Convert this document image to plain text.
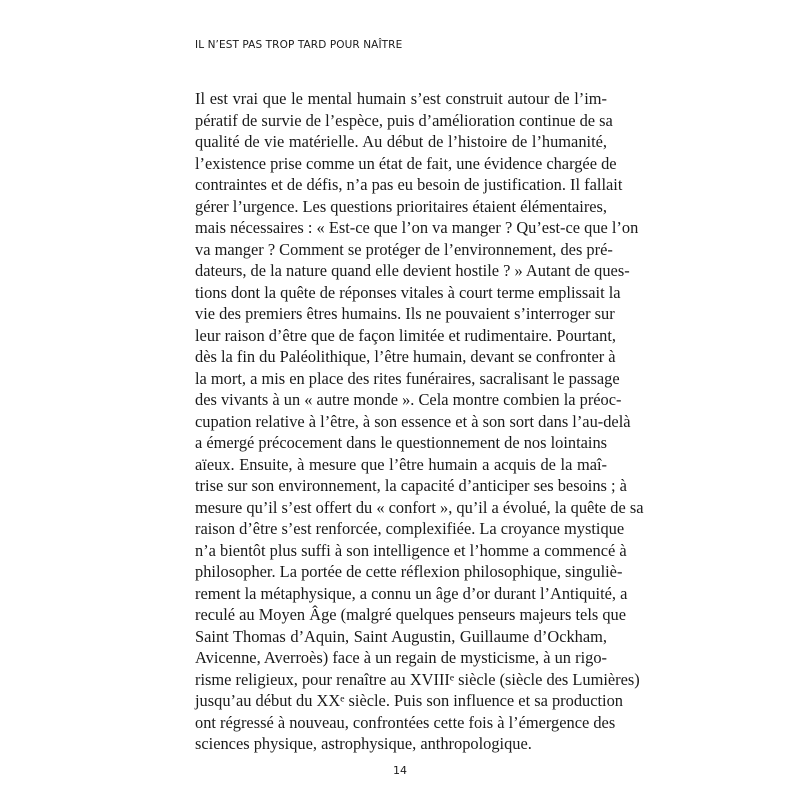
IL N’EST PAS TROP TARD POUR NAÎTRE
Il est vrai que le mental humain s’est construit autour de l’im-
pératif de survie de l’espèce, puis d’amélioration continue de sa
qualité de vie matérielle. Au début de l’histoire de l’humanité,
l’existence prise comme un état de fait, une évidence chargée de
contraintes et de défis, n’a pas eu besoin de justification. Il fallait
gérer l’urgence. Les questions prioritaires étaient élémentaires,
mais nécessaires : « Est-ce que l’on va manger ? Qu’est-ce que l’on
va manger ? Comment se protéger de l’environnement, des pré-
dateurs, de la nature quand elle devient hostile ? » Autant de ques-
tions dont la quête de réponses vitales à court terme emplissait la
vie des premiers êtres humains. Ils ne pouvaient s’interroger sur
leur raison d’être que de façon limitée et rudimentaire. Pourtant,
dès la fin du Paléolithique, l’être humain, devant se confronter à
la mort, a mis en place des rites funéraires, sacralisant le passage
des vivants à un « autre monde ». Cela montre combien la préoc-
cupation relative à l’être, à son essence et à son sort dans l’au-delà
a émergé précocement dans le questionnement de nos lointains
aïeux. Ensuite, à mesure que l’être humain a acquis de la maî-
trise sur son environnement, la capacité d’anticiper ses besoins ; à
mesure qu’il s’est offert du « confort », qu’il a évolué, la quête de sa
raison d’être s’est renforcée, complexifiée. La croyance mystique
n’a bientôt plus suffi à son intelligence et l’homme a commencé à
philosopher. La portée de cette réflexion philosophique, singuliè-
rement la métaphysique, a connu un âge d’or durant l’Antiquité, a
reculé au Moyen Âge (malgré quelques penseurs majeurs tels que
Saint Thomas d’Aquin, Saint Augustin, Guillaume d’Ockham,
Avicenne, Averroès) face à un regain de mysticisme, à un rigo-
risme religieux, pour renaître au XVIIIᵉ siècle (siècle des Lumières)
jusqu’au début du XXᵉ siècle. Puis son influence et sa production
ont régressé à nouveau, confrontées cette fois à l’émergence des
sciences physique, astrophysique, anthropologique.
14
